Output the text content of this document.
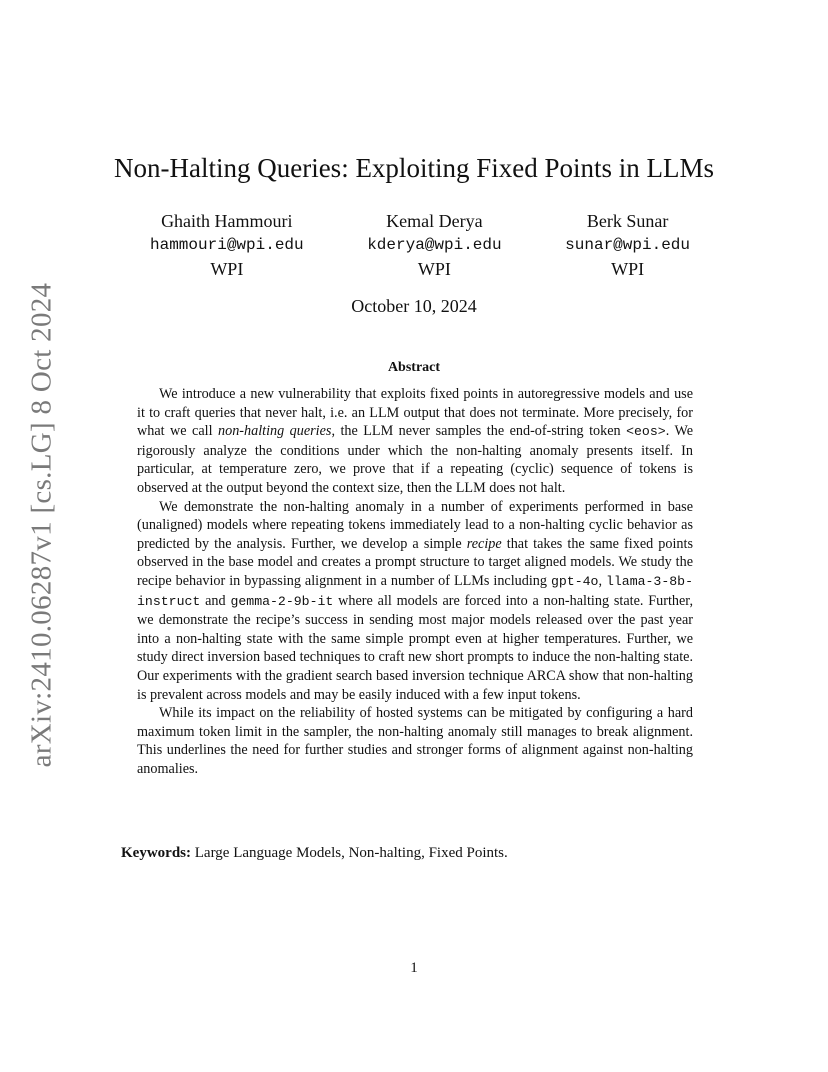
arXiv:2410.06287v1 [cs.LG] 8 Oct 2024
Non-Halting Queries: Exploiting Fixed Points in LLMs
Ghaith Hammouri
hammouri@wpi.edu
WPI
Kemal Derya
kderya@wpi.edu
WPI
Berk Sunar
sunar@wpi.edu
WPI
October 10, 2024
Abstract

We introduce a new vulnerability that exploits fixed points in autoregressive models and use it to craft queries that never halt, i.e. an LLM output that does not terminate. More precisely, for what we call non-halting queries, the LLM never samples the end-of-string token <eos>. We rigorously analyze the conditions under which the non-halting anomaly presents itself. In particular, at temperature zero, we prove that if a repeating (cyclic) sequence of tokens is observed at the output beyond the context size, then the LLM does not halt.

We demonstrate the non-halting anomaly in a number of experiments performed in base (unaligned) models where repeating tokens immediately lead to a non-halting cyclic behavior as predicted by the analysis. Further, we develop a simple recipe that takes the same fixed points observed in the base model and creates a prompt structure to target aligned models. We study the recipe behavior in bypassing alignment in a number of LLMs including gpt-4o, llama-3-8b-instruct and gemma-2-9b-it where all models are forced into a non-halting state. Further, we demonstrate the recipe’s success in sending most major models released over the past year into a non-halting state with the same simple prompt even at higher temperatures. Further, we study direct inversion based techniques to craft new short prompts to induce the non-halting state. Our experiments with the gradient search based inversion technique ARCA show that non-halting is prevalent across models and may be easily induced with a few input tokens.

While its impact on the reliability of hosted systems can be mitigated by configuring a hard maximum token limit in the sampler, the non-halting anomaly still manages to break alignment. This underlines the need for further studies and stronger forms of alignment against non-halting anomalies.

Keywords: Large Language Models, Non-halting, Fixed Points.
1
